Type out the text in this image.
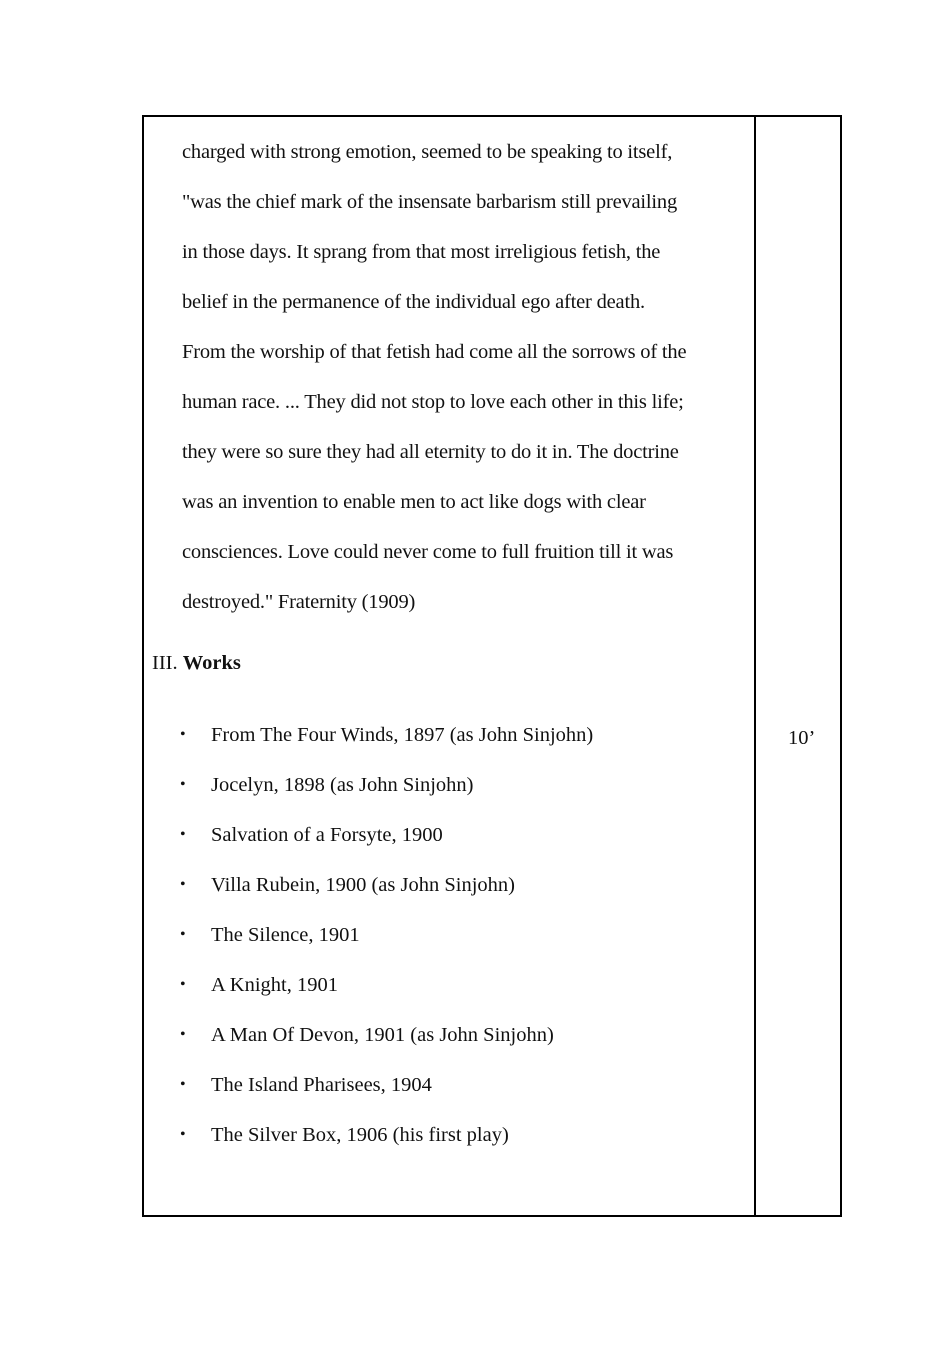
charged with strong emotion, seemed to be speaking to itself,
"was the chief mark of the insensate barbarism still prevailing
in those days. It sprang from that most irreligious fetish, the
belief in the permanence of the individual ego after death.
From the worship of that fetish had come all the sorrows of the
human race. ... They did not stop to love each other in this life;
they were so sure they had all eternity to do it in. The doctrine
was an invention to enable men to act like dogs with clear
consciences. Love could never come to full fruition till it was
destroyed." Fraternity (1909)
III. Works
• From The Four Winds, 1897 (as John Sinjohn)
• Jocelyn, 1898 (as John Sinjohn)
• Salvation of a Forsyte, 1900
• Villa Rubein, 1900 (as John Sinjohn)
• The Silence, 1901
• A Knight, 1901
• A Man Of Devon, 1901 (as John Sinjohn)
• The Island Pharisees, 1904
• The Silver Box, 1906 (his first play)
10’
